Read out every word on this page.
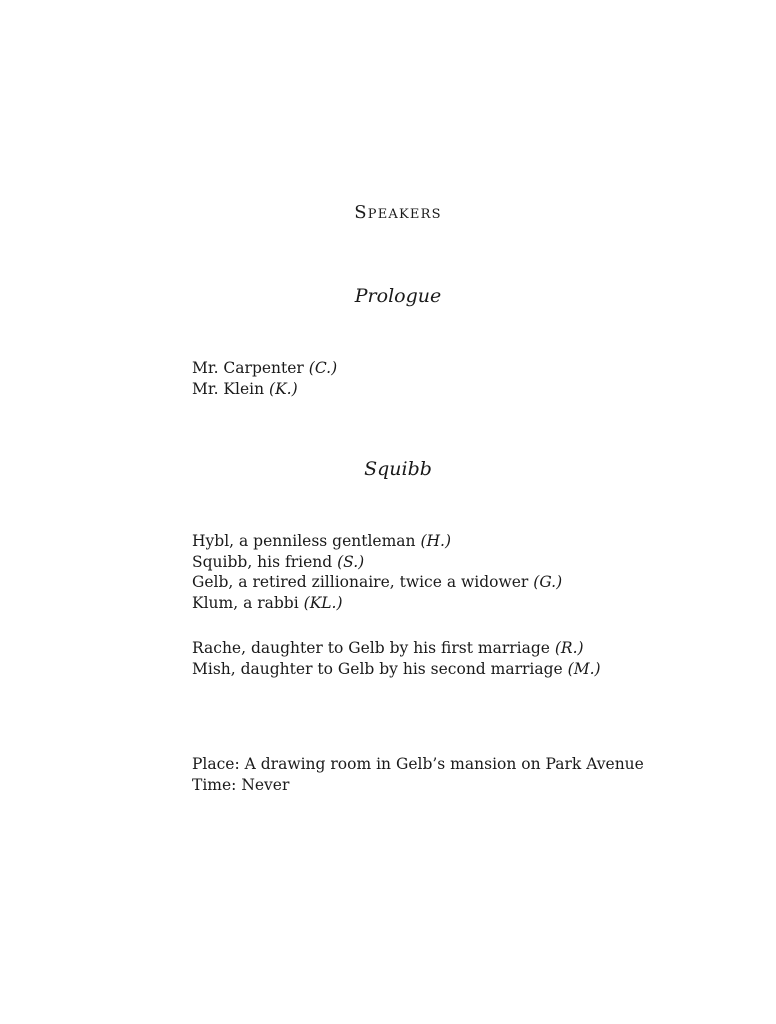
Speakers
Prologue
Mr. Carpenter (C.)
Mr. Klein (K.)
Squibb
Hybl, a penniless gentleman (H.)
Squibb, his friend (S.)
Gelb, a retired zillionaire, twice a widower (G.)
Klum, a rabbi (KL.)
Rache, daughter to Gelb by his first marriage (R.)
Mish, daughter to Gelb by his second marriage (M.)
Place: A drawing room in Gelb’s mansion on Park Avenue
Time: Never
